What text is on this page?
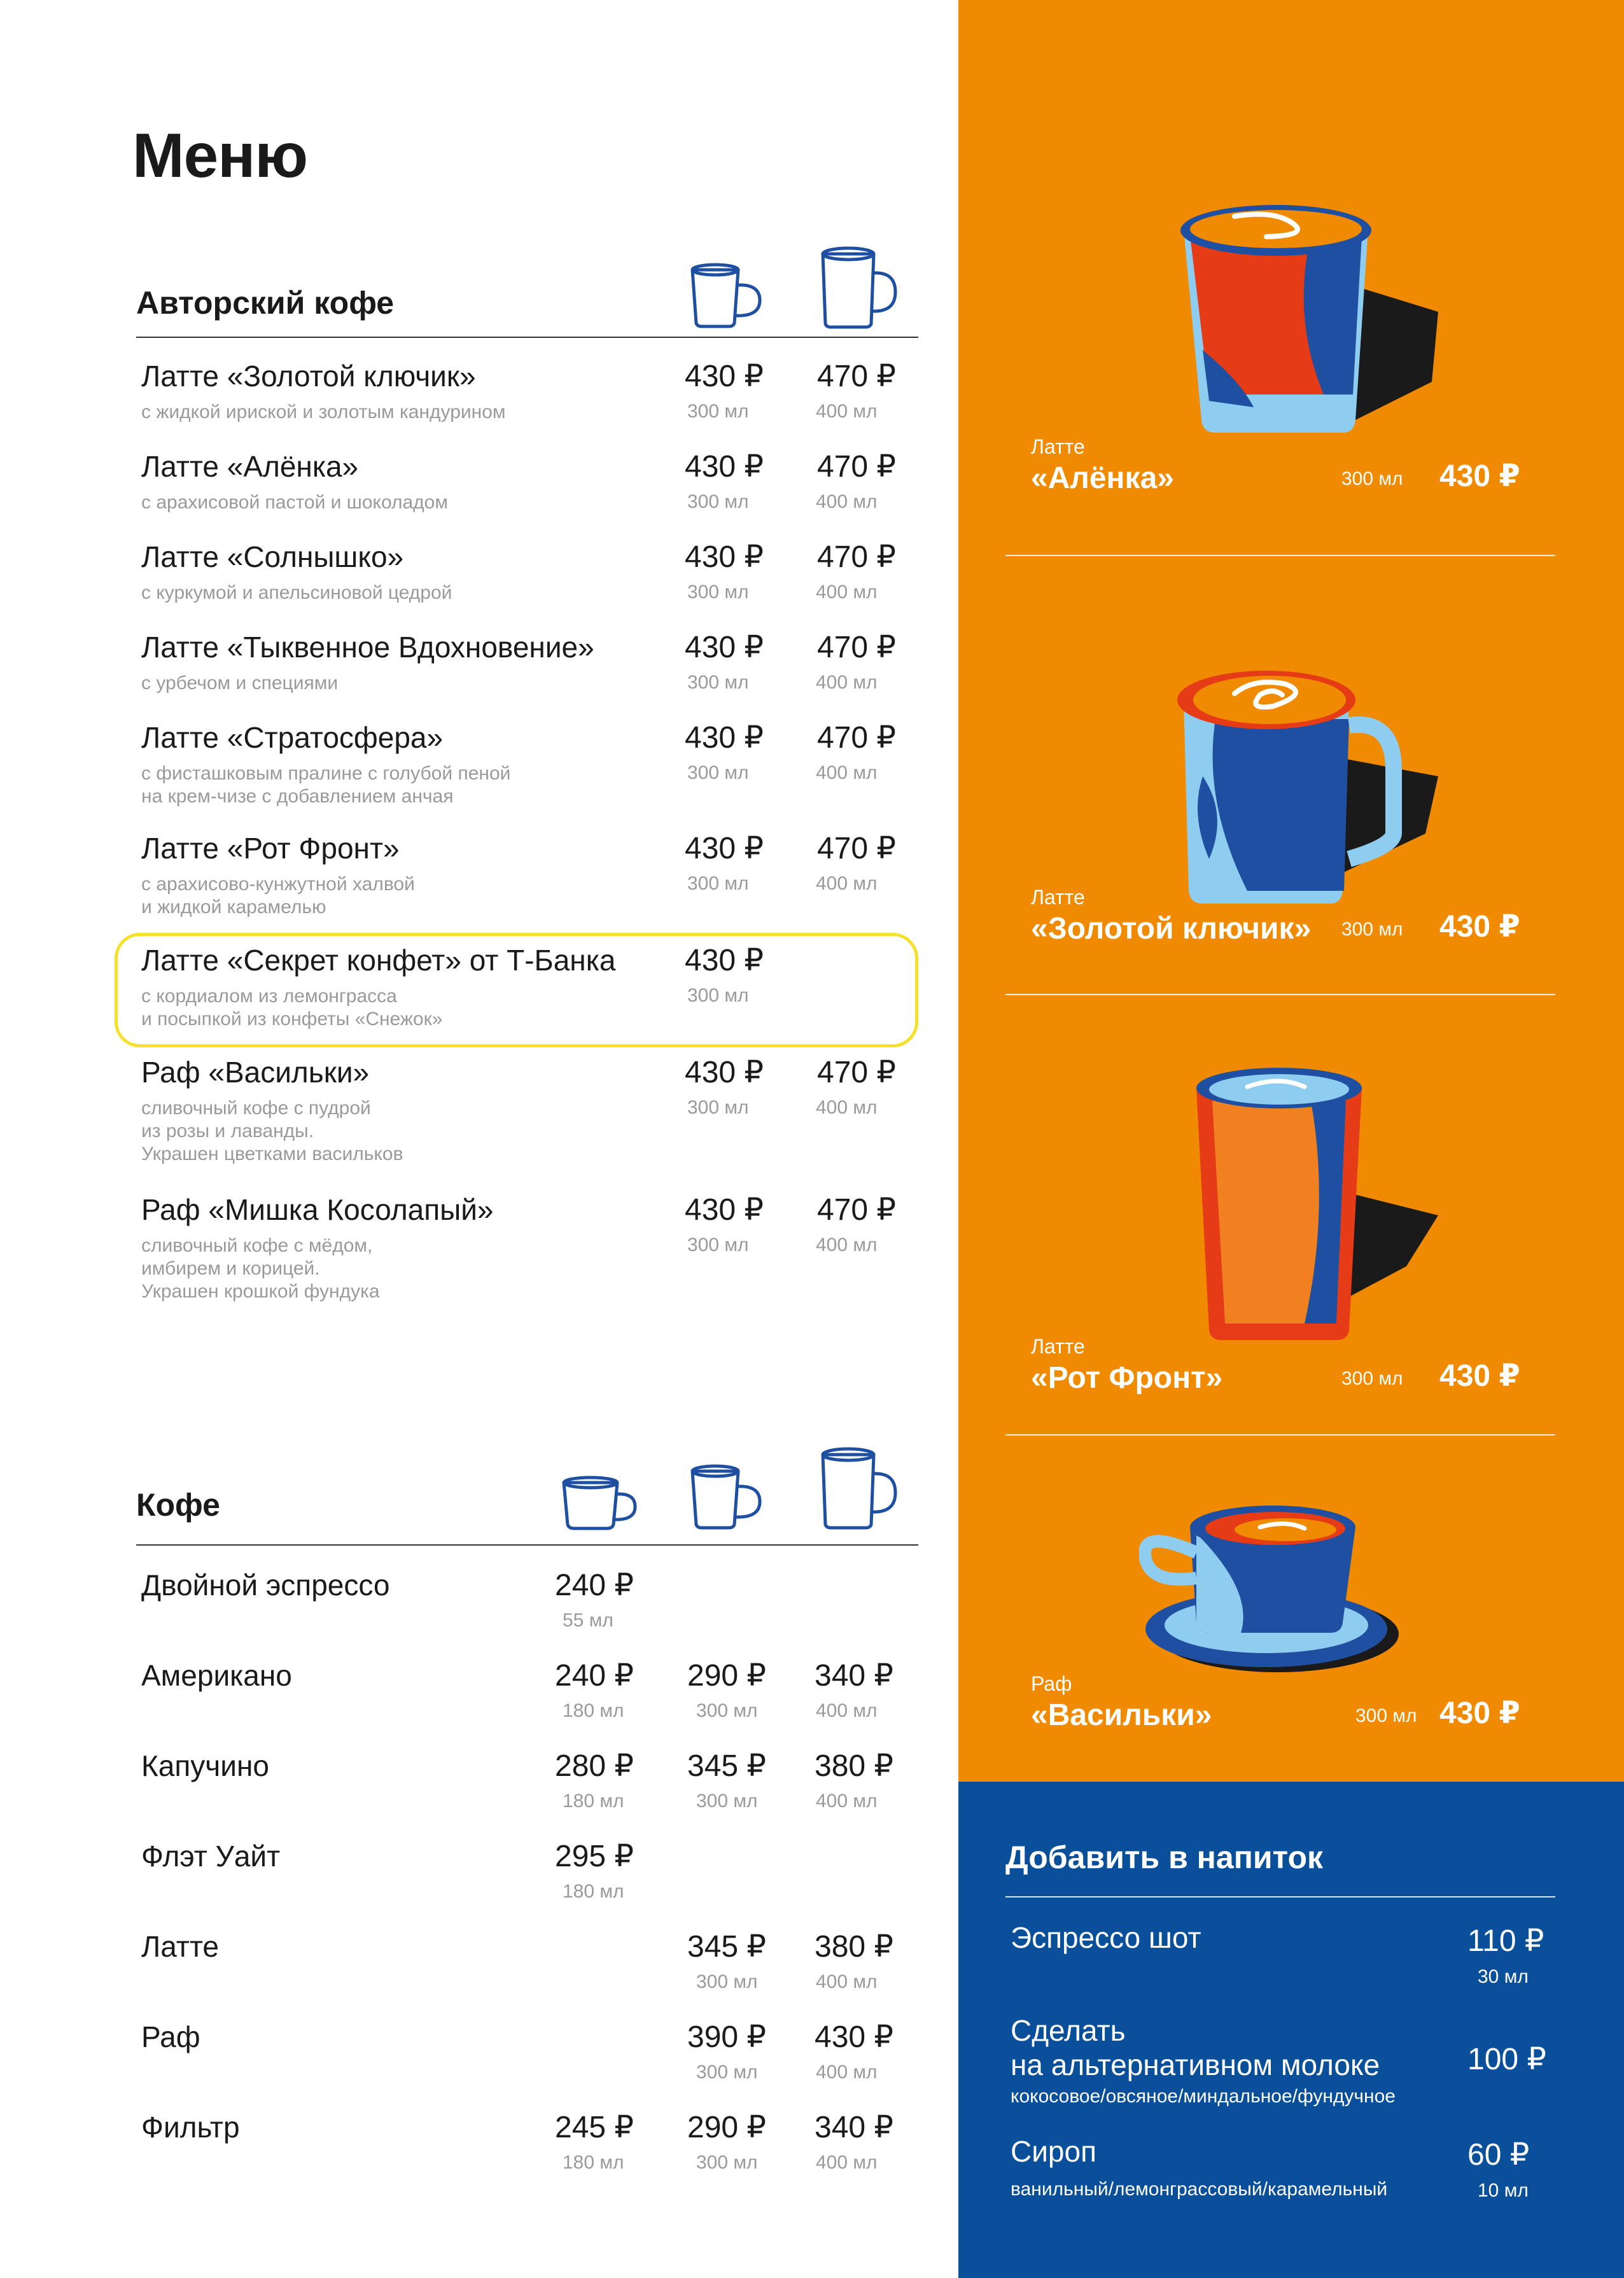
Меню
Авторский кофе
Латте «Золотой ключик»
с жидкой ириской и золотым кандурином
430 ₽
300 мл
470 ₽
400 мл
Латте «Алёнка»
с арахисовой пастой и шоколадом
430 ₽
300 мл
470 ₽
400 мл
Латте «Солнышко»
с куркумой и апельсиновой цедрой
430 ₽
300 мл
470 ₽
400 мл
Латте «Тыквенное Вдохновение»
с урбечом и специями
430 ₽
300 мл
470 ₽
400 мл
Латте «Стратосфера»
с фисташковым пралине с голубой пеной
на крем-чизе с добавлением анчая
430 ₽
300 мл
470 ₽
400 мл
Латте «Рот Фронт»
с арахисово-кунжутной халвой
и жидкой карамелью
430 ₽
300 мл
470 ₽
400 мл
Латте «Секрет конфет» от Т-Банка
с кордиалом из лемонграсса
и посыпкой из конфеты «Снежок»
430 ₽
300 мл
Раф «Васильки»
сливочный кофе с пудрой
из розы и лаванды.
Украшен цветками васильков
430 ₽
300 мл
470 ₽
400 мл
Раф «Мишка Косолапый»
сливочный кофе с мёдом,
имбирем и корицей.
Украшен крошкой фундука
430 ₽
300 мл
470 ₽
400 мл
Кофе
Двойной эспрессо	240 ₽
55 мл
Американо	240 ₽
180 мл
290 ₽
300 мл
340 ₽
400 мл
Капучино	280 ₽
180 мл
345 ₽
300 мл
380 ₽
400 мл
Флэт Уайт	295 ₽
180 мл
Латте	345 ₽
300 мл
380 ₽
400 мл
Раф	390 ₽
300 мл
430 ₽
400 мл
Фильтр	245 ₽
180 мл
290 ₽
300 мл
340 ₽
400 мл
Латте
«Алёнка»	300 мл 430 ₽
Латте
«Золотой ключик» 300 мл 430 ₽
Латте
«Рот Фронт»	300 мл 430 ₽
Раф
«Васильки»	300 мл 430 ₽
Добавить в напиток
Эспрессо шот	110 ₽
30 мл
Сделать
на альтернативном молоке
кокосовое/овсяное/миндальное/фундучное
100 ₽
Сироп
ванильный/лемонграссовый/карамельный
60 ₽
10 мл
